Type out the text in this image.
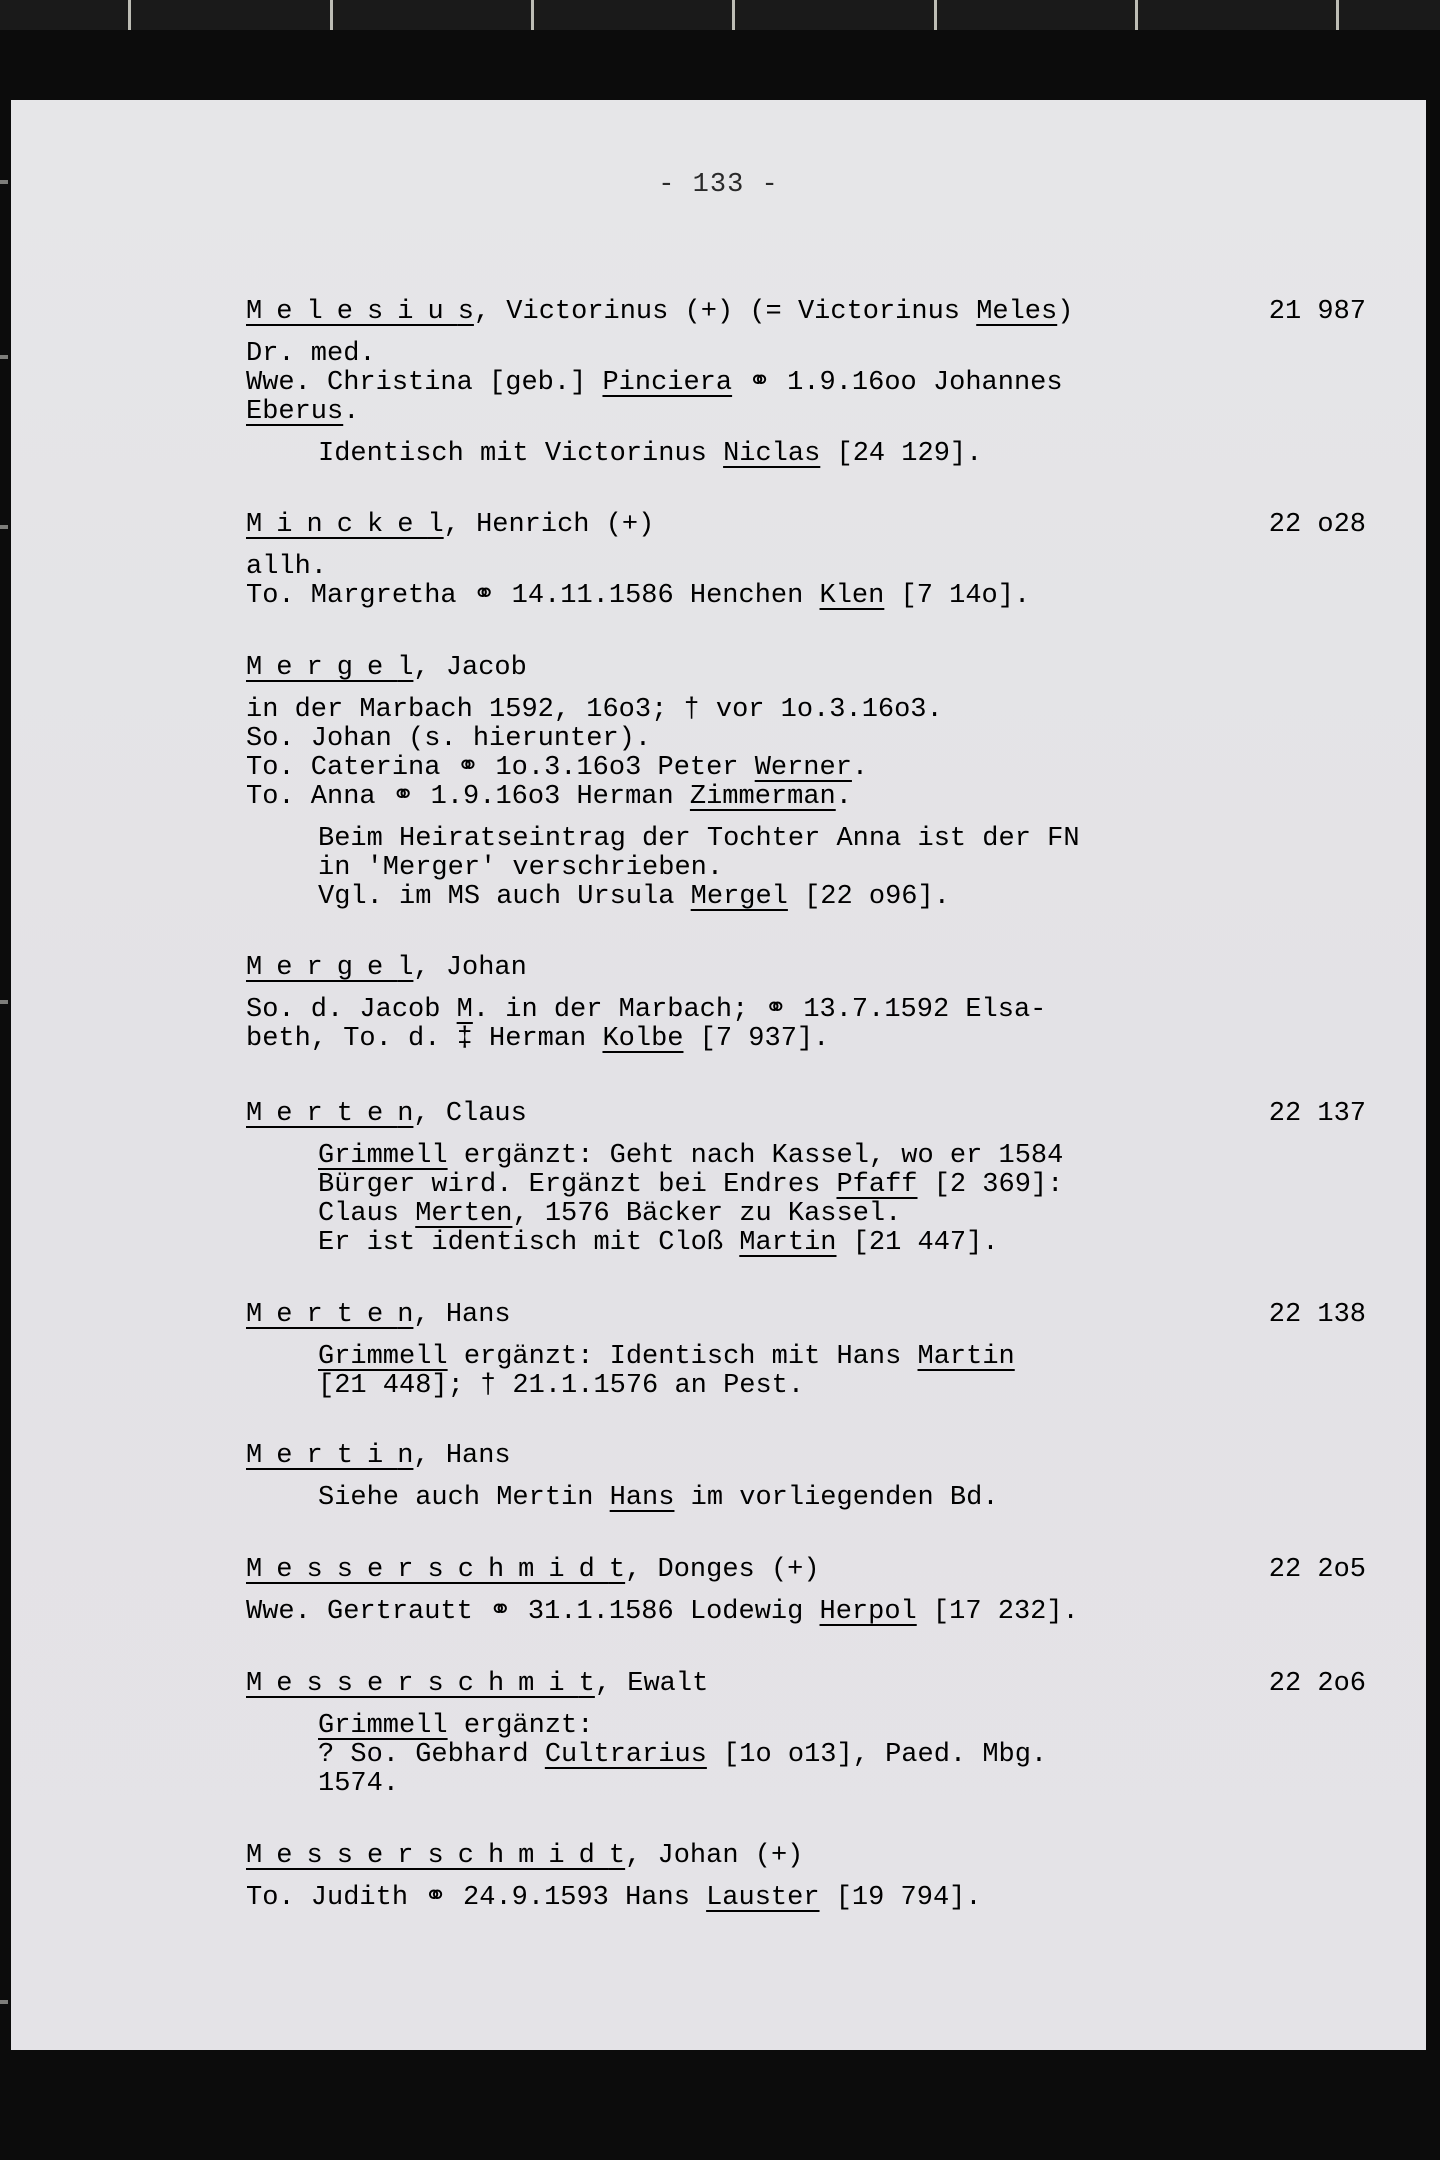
- 133 -
Melesius, Victorinus (+) (= Victorinus Meles)	21 987
Dr. med.
Wwe. Christina [geb.] Pinciera ⚭ 1.9.16oo Johannes
Eberus.
Identisch mit Victorinus Niclas [24 129].
Minckel, Henrich (+)	22 o28
allh.
To. Margretha ⚭ 14.11.1586 Henchen Klen [7 14o].
Mergel, Jacob
in der Marbach 1592, 16o3; † vor 1o.3.16o3.
So. Johan (s. hierunter).
To. Caterina ⚭ 1o.3.16o3 Peter Werner.
To. Anna ⚭ 1.9.16o3 Herman Zimmerman.
Beim Heiratseintrag der Tochter Anna ist der FN
in 'Merger' verschrieben.
Vgl. im MS auch Ursula Mergel [22 o96].
Mergel, Johan
So. d. Jacob M. in der Marbach; ⚭ 13.7.1592 Elsa-
beth, To. d. ‡ Herman Kolbe [7 937].
Merten, Claus	22 137
Grimmell ergänzt: Geht nach Kassel, wo er 1584
Bürger wird. Ergänzt bei Endres Pfaff [2 369]:
Claus Merten, 1576 Bäcker zu Kassel.
Er ist identisch mit Cloß Martin [21 447].
Merten, Hans	22 138
Grimmell ergänzt: Identisch mit Hans Martin
[21 448]; † 21.1.1576 an Pest.
Mertin, Hans
Siehe auch Mertin Hans im vorliegenden Bd.
Messerschmidt, Donges (+)	22 2o5
Wwe. Gertrautt ⚭ 31.1.1586 Lodewig Herpol [17 232].
Messerschmit, Ewalt	22 2o6
Grimmell ergänzt:
? So. Gebhard Cultrarius [1o o13], Paed. Mbg.
1574.
Messerschmidt, Johan (+)
To. Judith ⚭ 24.9.1593 Hans Lauster [19 794].
